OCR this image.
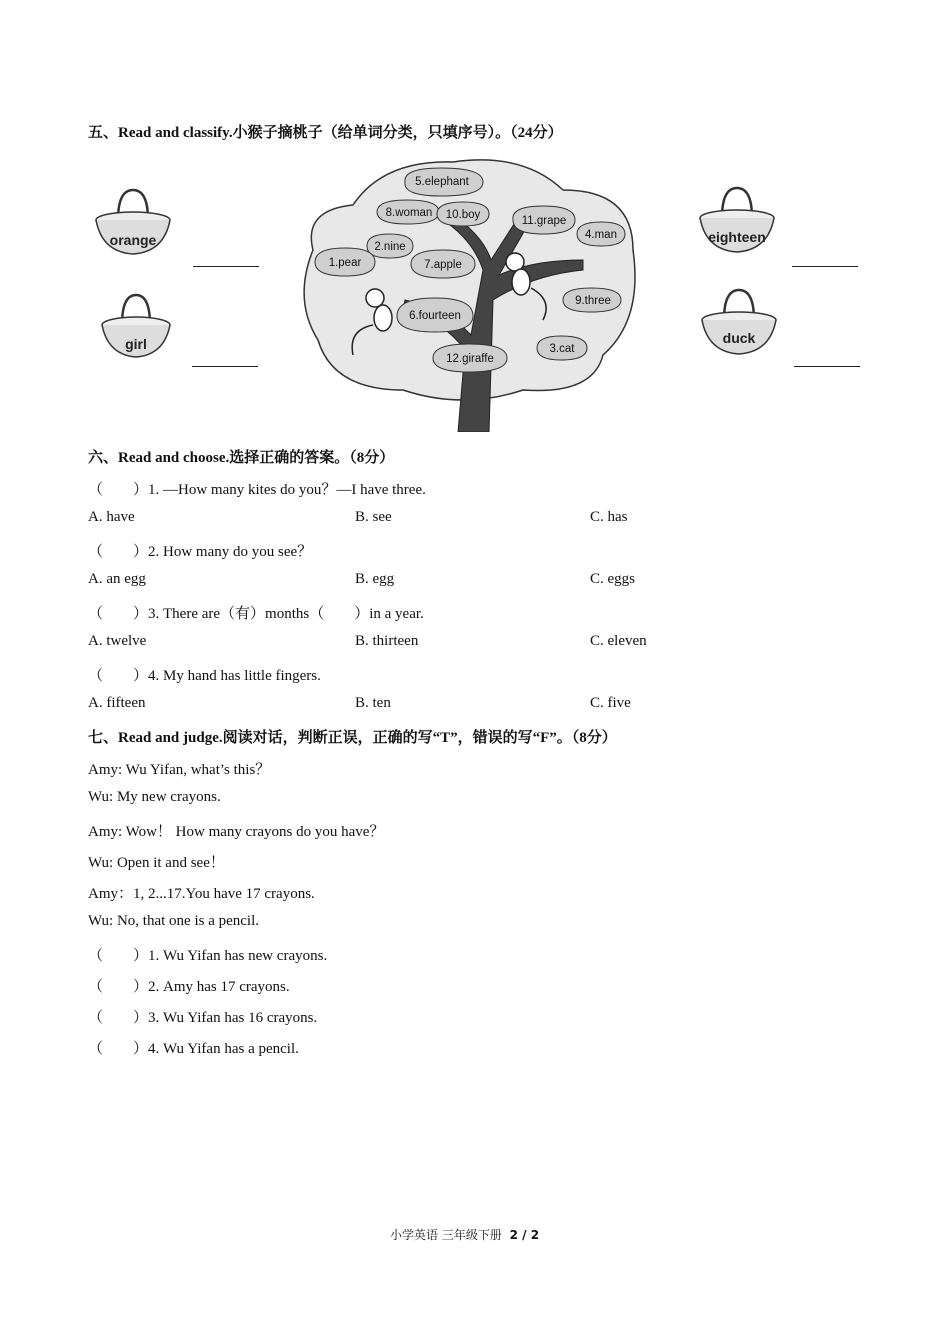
五、Read and classify.小猴子摘桃子（给单词分类，只填序号）。（24分）
orange
girl
eighteen
duck
5.elephant
8.woman 10.boy	11.grape
4.man
2.nine
1.pear	7.apple
9.three
6.fourteen
12.giraffe
3.cat
六、Read and choose.选择正确的答案。（8分）
（　　）1. —How many kites do you？—I have three.
A. have	B. see	C. has
（　　）2. How many do you see？
A. an egg	B. egg	C. eggs
（　　）3. There are（有）months（　　）in a year.
A. twelve	B. thirteen	C. eleven
（　　）4. My hand has little fingers.
A. fifteen	B. ten	C. five
七、Read and judge.阅读对话，判断正误，正确的写“T”，错误的写“F”。（8分）
Amy: Wu Yifan, what’s this？
Wu: My new crayons.
Amy: Wow！ How many crayons do you have？
Wu: Open it and see！
Amy：1, 2...17.You have 17 crayons.
Wu: No, that one is a pencil.
（　　）1. Wu Yifan has new crayons.
（　　）2. Amy has 17 crayons.
（　　）3. Wu Yifan has 16 crayons.
（　　）4. Wu Yifan has a pencil.
小学英语 三年级下册 2 / 2
